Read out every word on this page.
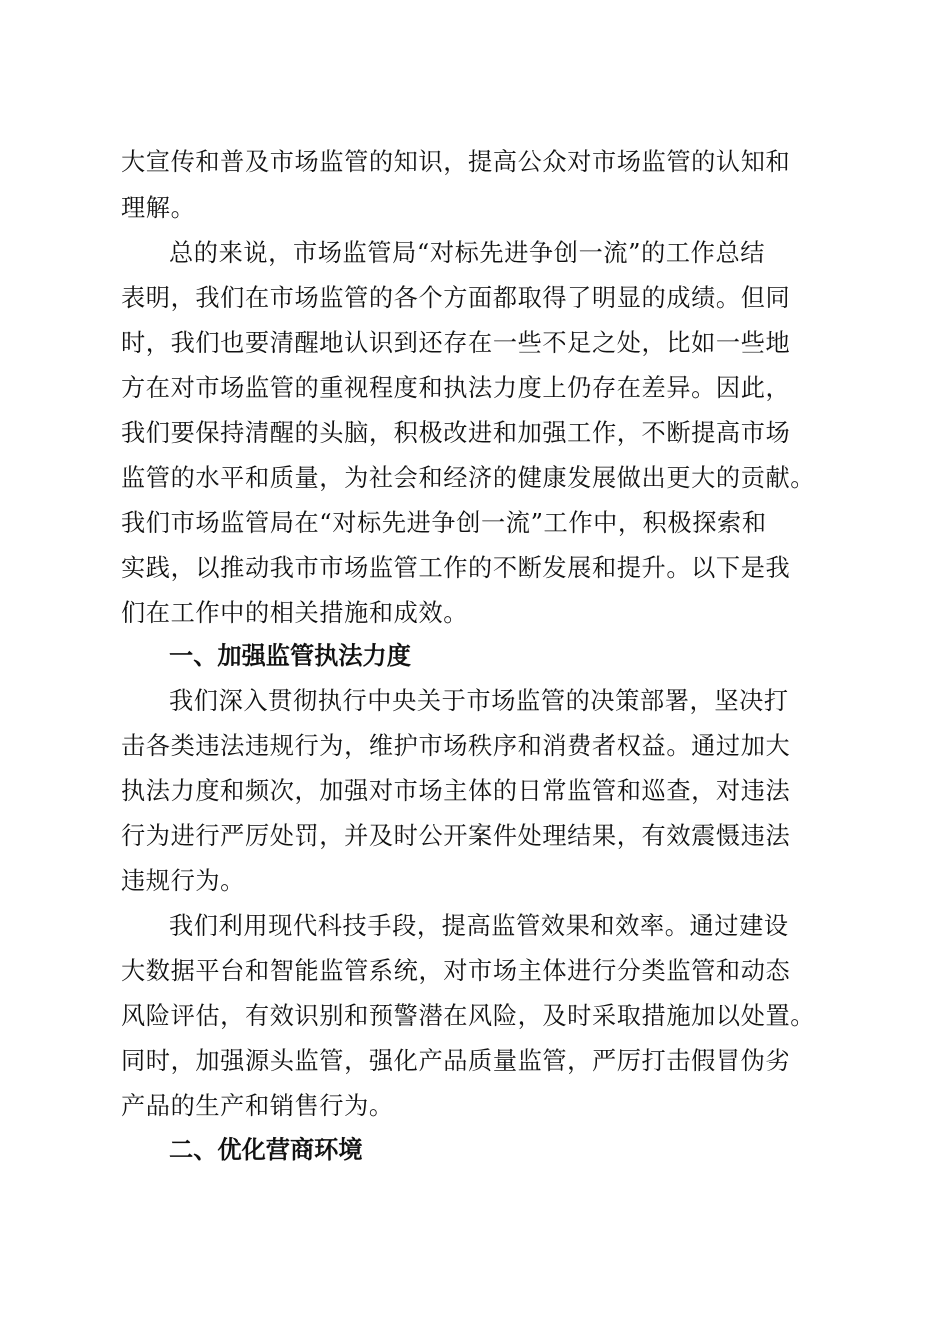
大宣传和普及市场监管的知识，提高公众对市场监管的认知和
理解。
总的来说，市场监管局“对标先进争创一流”的工作总结
表明，我们在市场监管的各个方面都取得了明显的成绩。但同
时，我们也要清醒地认识到还存在一些不足之处，比如一些地
方在对市场监管的重视程度和执法力度上仍存在差异。因此，
我们要保持清醒的头脑，积极改进和加强工作，不断提高市场
监管的水平和质量，为社会和经济的健康发展做出更大的贡献。
我们市场监管局在“对标先进争创一流”工作中，积极探索和
实践，以推动我市市场监管工作的不断发展和提升。以下是我
们在工作中的相关措施和成效。
一、加强监管执法力度
我们深入贯彻执行中央关于市场监管的决策部署，坚决打
击各类违法违规行为，维护市场秩序和消费者权益。通过加大
执法力度和频次，加强对市场主体的日常监管和巡查，对违法
行为进行严厉处罚，并及时公开案件处理结果，有效震慑违法
违规行为。
我们利用现代科技手段，提高监管效果和效率。通过建设
大数据平台和智能监管系统，对市场主体进行分类监管和动态
风险评估，有效识别和预警潜在风险，及时采取措施加以处置。
同时，加强源头监管，强化产品质量监管，严厉打击假冒伪劣
产品的生产和销售行为。
二、优化营商环境
